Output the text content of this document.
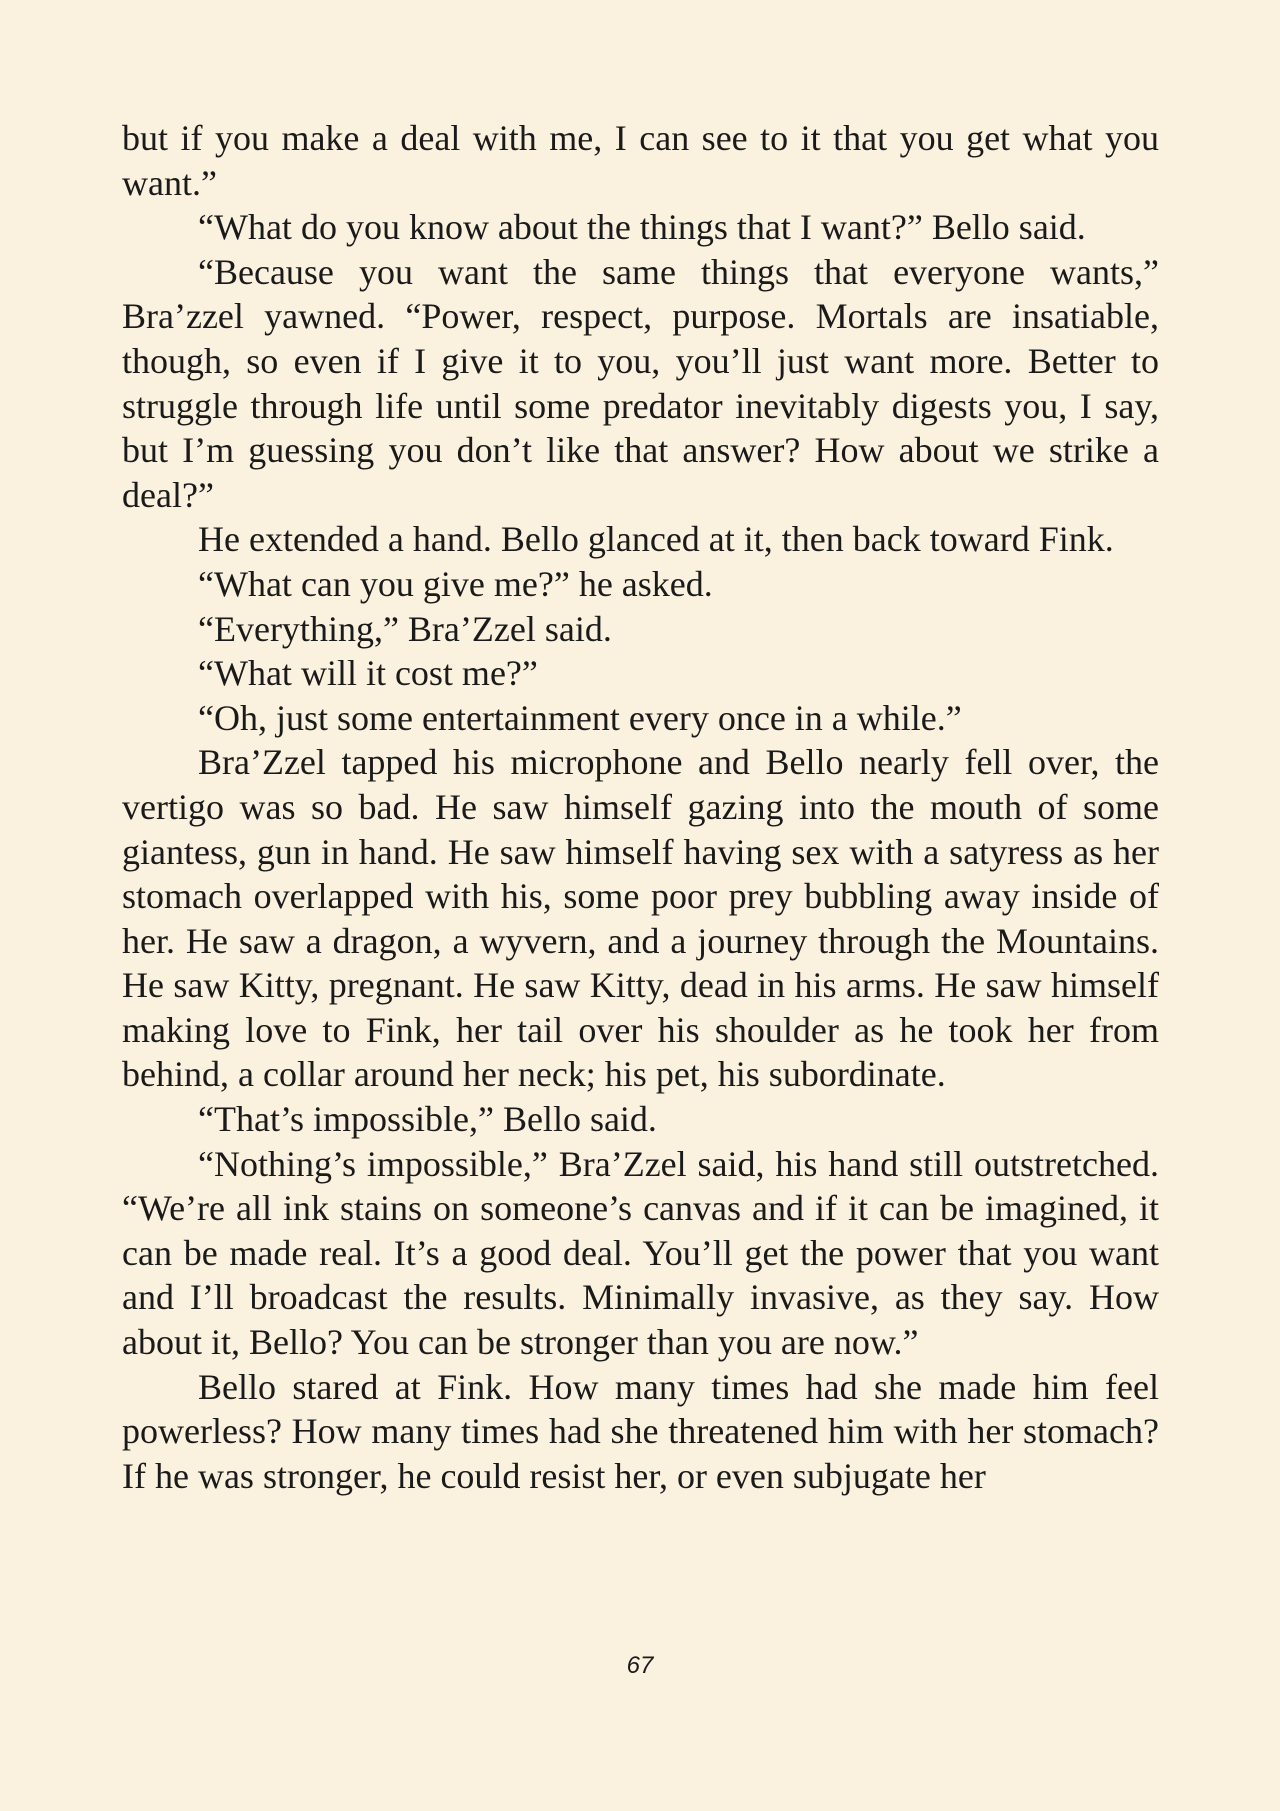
but if you make a deal with me, I can see to it that you get what you want.”

“What do you know about the things that I want?” Bello said.

“Because you want the same things that everyone wants,” Bra’zzel yawned. “Power, respect, purpose. Mortals are insatiable, though, so even if I give it to you, you’ll just want more. Better to struggle through life until some predator inevitably digests you, I say, but I’m guessing you don’t like that answer? How about we strike a deal?”

He extended a hand. Bello glanced at it, then back toward Fink.

“What can you give me?” he asked.

“Everything,” Bra’Zzel said.

“What will it cost me?”

“Oh, just some entertainment every once in a while.”

Bra’Zzel tapped his microphone and Bello nearly fell over, the vertigo was so bad. He saw himself gazing into the mouth of some giantess, gun in hand. He saw himself having sex with a satyress as her stomach overlapped with his, some poor prey bubbling away inside of her. He saw a dragon, a wyvern, and a journey through the Mountains. He saw Kitty, pregnant. He saw Kitty, dead in his arms. He saw himself making love to Fink, her tail over his shoulder as he took her from behind, a collar around her neck; his pet, his subordinate.

“That’s impossible,” Bello said.

“Nothing’s impossible,” Bra’Zzel said, his hand still outstretched. “We’re all ink stains on someone’s canvas and if it can be imagined, it can be made real. It’s a good deal. You’ll get the power that you want and I’ll broadcast the results. Minimally invasive, as they say. How about it, Bello? You can be stronger than you are now.”

Bello stared at Fink. How many times had she made him feel powerless? How many times had she threatened him with her stomach? If he was stronger, he could resist her, or even subjugate her

67
